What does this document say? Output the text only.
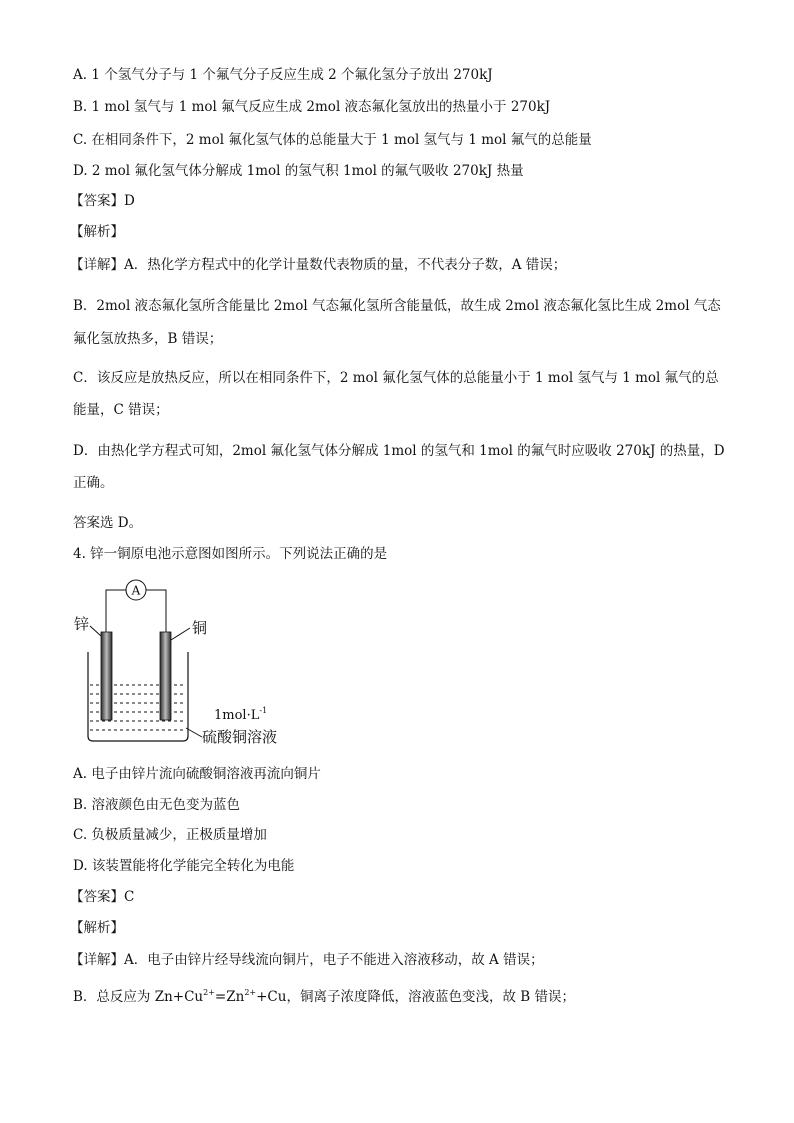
A. 1 个氢气分子与 1 个氟气分子反应生成 2 个氟化氢分子放出 270kJ
B. 1 mol 氢气与 1 mol 氟气反应生成 2mol 液态氟化氢放出的热量小于 270kJ
C. 在相同条件下，2 mol 氟化氢气体的总能量大于 1 mol 氢气与 1 mol 氟气的总能量
D. 2 mol 氟化氢气体分解成 1mol 的氢气积 1mol 的氟气吸收 270kJ 热量
【答案】D
【解析】
【详解】A．热化学方程式中的化学计量数代表物质的量，不代表分子数，A 错误；
B．2mol 液态氟化氢所含能量比 2mol 气态氟化氢所含能量低，故生成 2mol 液态氟化氢比生成 2mol 气态
氟化氢放热多，B 错误；
C．该反应是放热反应，所以在相同条件下，2 mol 氟化氢气体的总能量小于 1 mol 氢气与 1 mol 氟气的总
能量，C 错误；
D．由热化学方程式可知，2mol 氟化氢气体分解成 1mol 的氢气和 1mol 的氟气时应吸收 270kJ 的热量，D
正确。
答案选 D。
4. 锌一铜原电池示意图如图所示。下列说法正确的是
A
锌	铜
$1mol\cdot L^{-1}$
硫酸铜溶液
A. 电子由锌片流向硫酸铜溶液再流向铜片
B. 溶液颜色由无色变为蓝色
C. 负极质量减少，正极质量增加
D. 该装置能将化学能完全转化为电能
【答案】C
【解析】
【详解】A．电子由锌片经导线流向铜片，电子不能进入溶液移动，故 A 错误；
B．总反应为 $Zn+Cu^{2+}=Zn^{2+}+Cu$，铜离子浓度降低，溶液蓝色变浅，故 B 错误；
